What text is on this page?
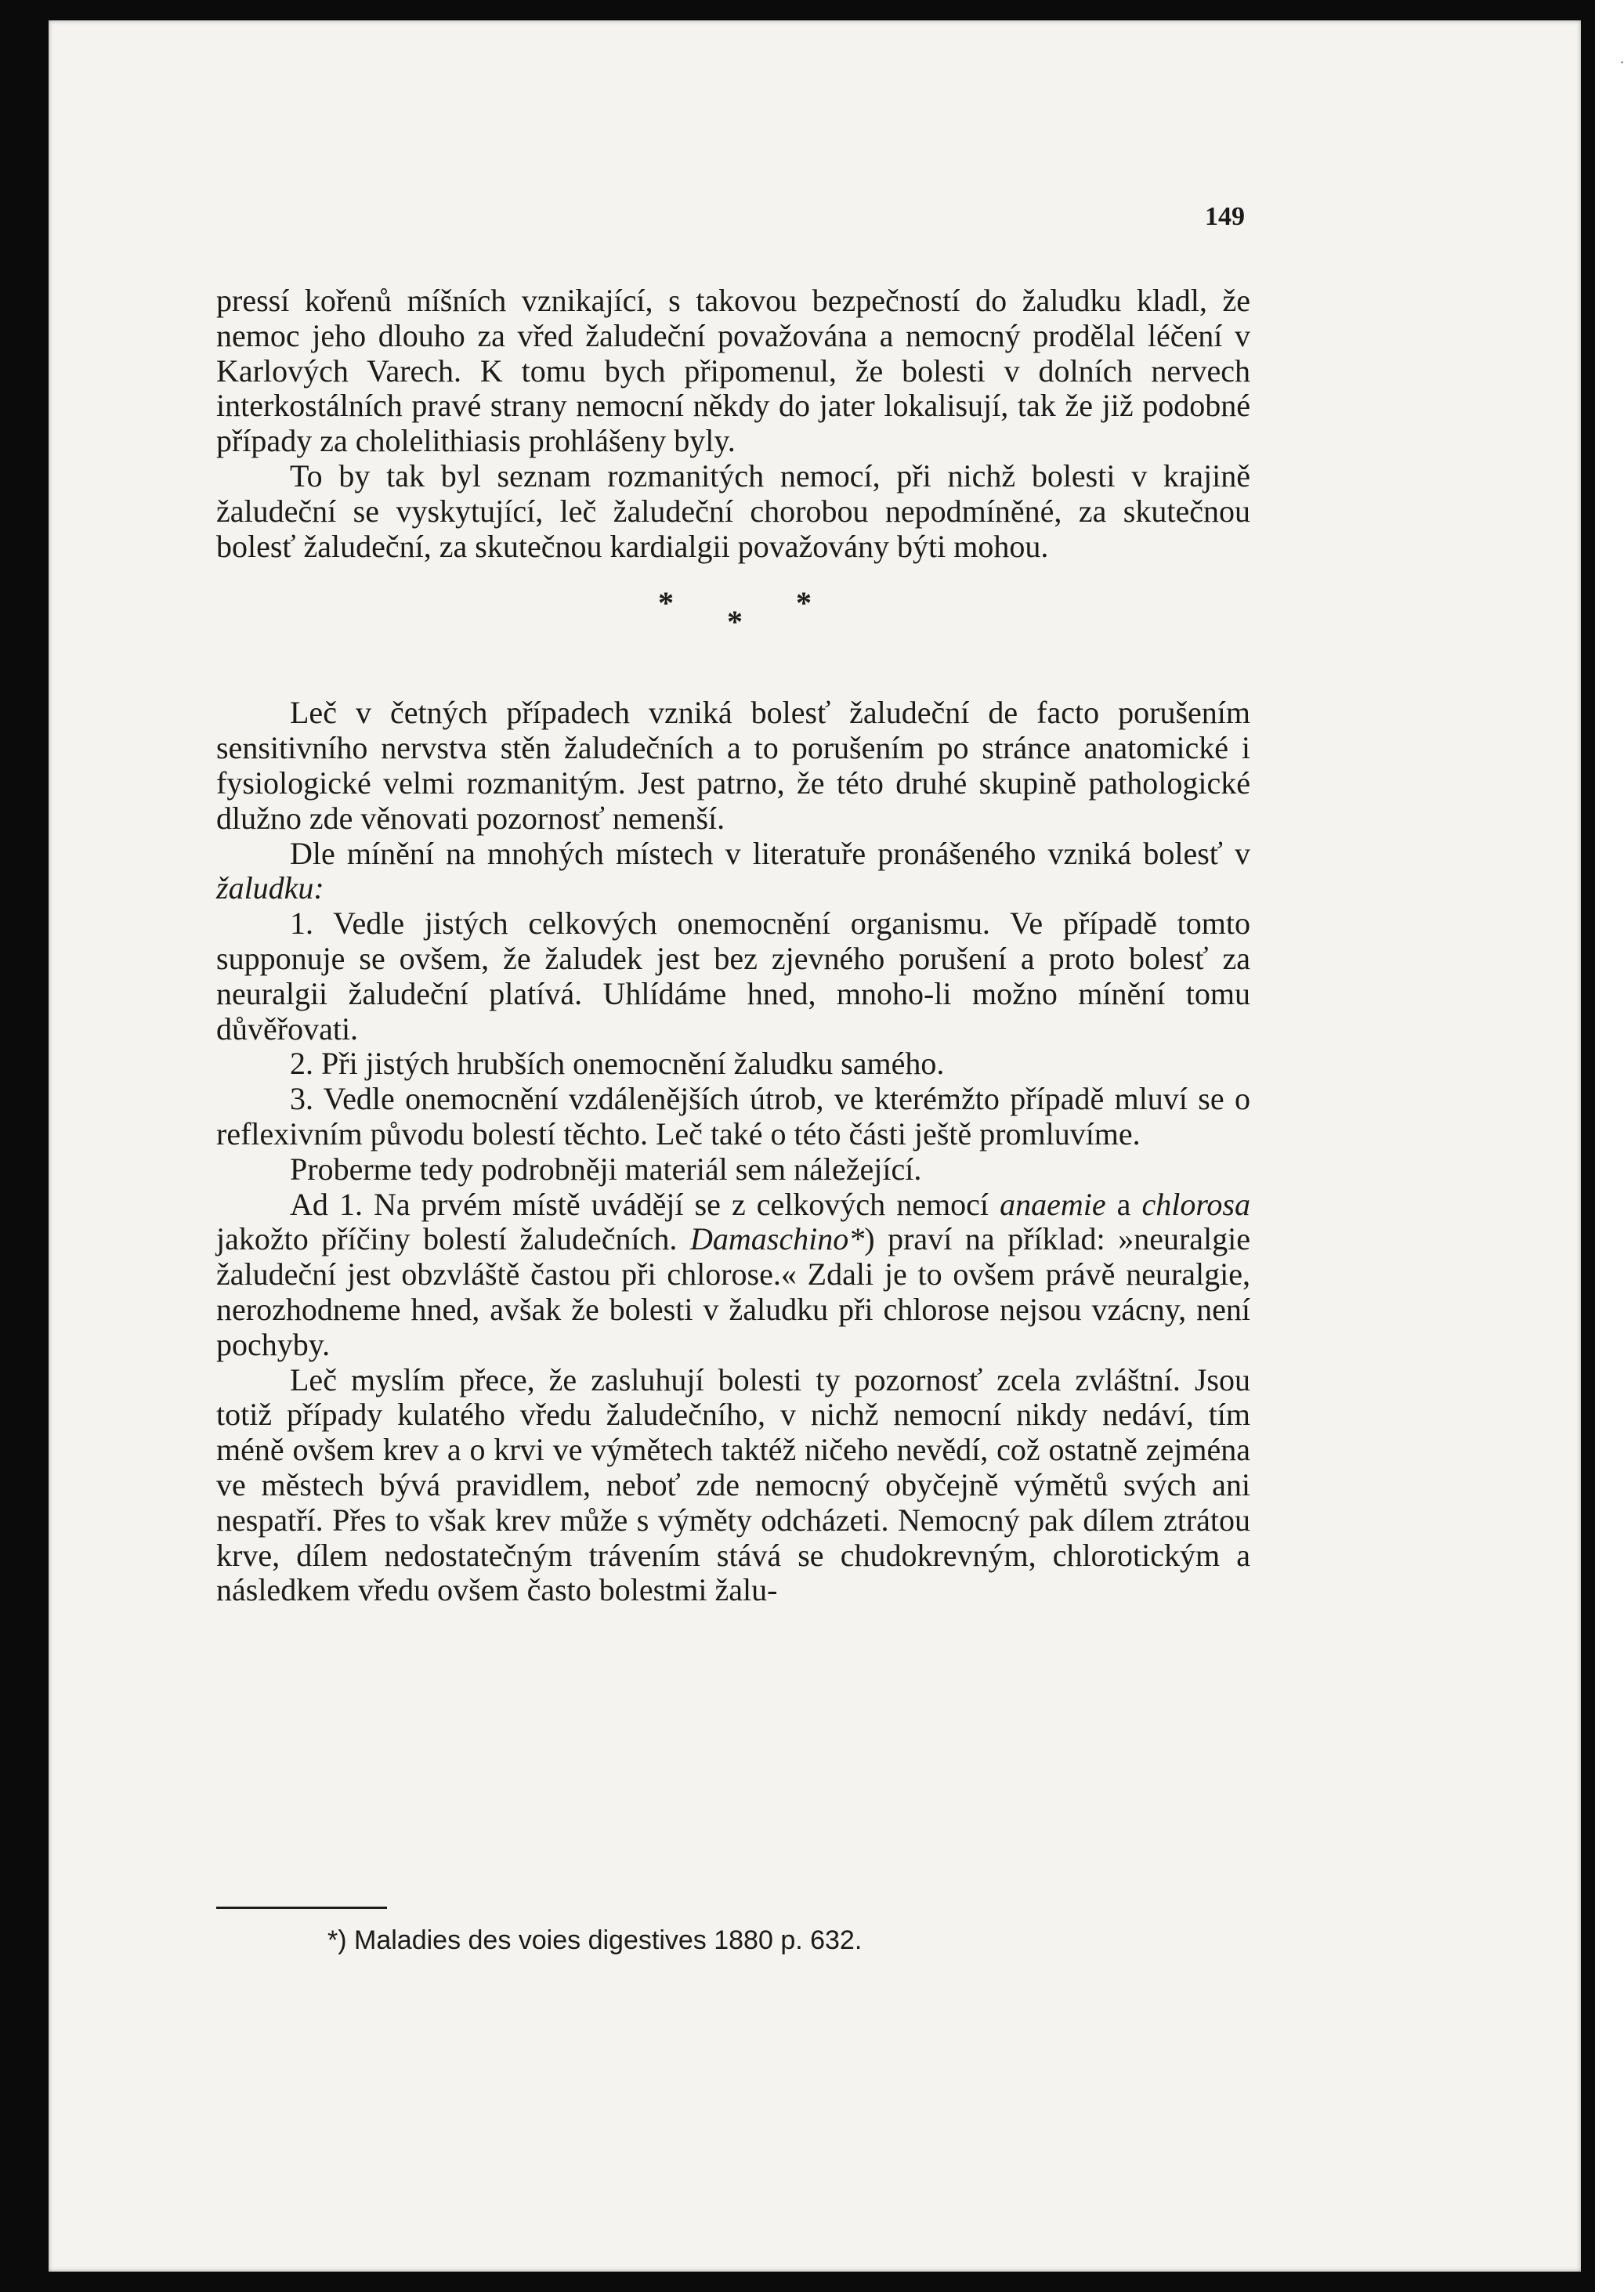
·
149

pressí kořenů míšních vznikající, s takovou bezpečností do žaludku kladl, že nemoc jeho dlouho za vřed žaludeční považována a nemocný prodělal léčení v Karlových Varech. K tomu bych připomenul, že bolesti v dolních nervech interkostálních pravé strany nemocní někdy do jater lokalisují, tak že již podobné případy za cholelithiasis prohlášeny byly.

To by tak byl seznam rozmanitých nemocí, při nichž bolesti v krajině žaludeční se vyskytující, leč žaludeční chorobou nepodmíněné, za skutečnou bolesť žaludeční, za skutečnou kardialgii považovány býti mohou.

*
*
*

Leč v četných případech vzniká bolesť žaludeční de facto porušením sensitivního nervstva stěn žaludečních a to porušením po stránce anatomické i fysiologické velmi rozmanitým. Jest patrno, že této druhé skupině pathologické dlužno zde věnovati pozornosť nemenší.

Dle mínění na mnohých místech v literatuře pronášeného vzniká bolesť v žaludku:

1. Vedle jistých celkových onemocnění organismu. Ve případě tomto supponuje se ovšem, že žaludek jest bez zjevného porušení a proto bolesť za neuralgii žaludeční platívá. Uhlídáme hned, mnoho-li možno mínění tomu důvěřovati.

2. Při jistých hrubších onemocnění žaludku samého.

3. Vedle onemocnění vzdálenějších útrob, ve kterémžto případě mluví se o reflexivním původu bolestí těchto. Leč také o této části ještě promluvíme.

Proberme tedy podrobněji materiál sem náležející.

Ad 1. Na prvém místě uvádějí se z celkových nemocí anaemie a chlorosa jakožto příčiny bolestí žaludečních. Damaschino*) praví na příklad: »neuralgie žaludeční jest obzvláště častou při chlorose.« Zdali je to ovšem právě neuralgie, nerozhodneme hned, avšak že bolesti v žaludku při chlorose nejsou vzácny, není pochyby.

Leč myslím přece, že zasluhují bolesti ty pozornosť zcela zvláštní. Jsou totiž případy kulatého vředu žaludečního, v nichž nemocní nikdy nedáví, tím méně ovšem krev a o krvi ve výmětech taktéž ničeho nevědí, což ostatně zejména ve městech bývá pravidlem, neboť zde nemocný obyčejně výmětů svých ani nespatří. Přes to však krev může s výměty odcházeti. Nemocný pak dílem ztrátou krve, dílem nedostatečným trávením stává se chudokrevným, chlorotickým a následkem vředu ovšem často bolestmi žalu-

*) Maladies des voies digestives 1880 p. 632.
